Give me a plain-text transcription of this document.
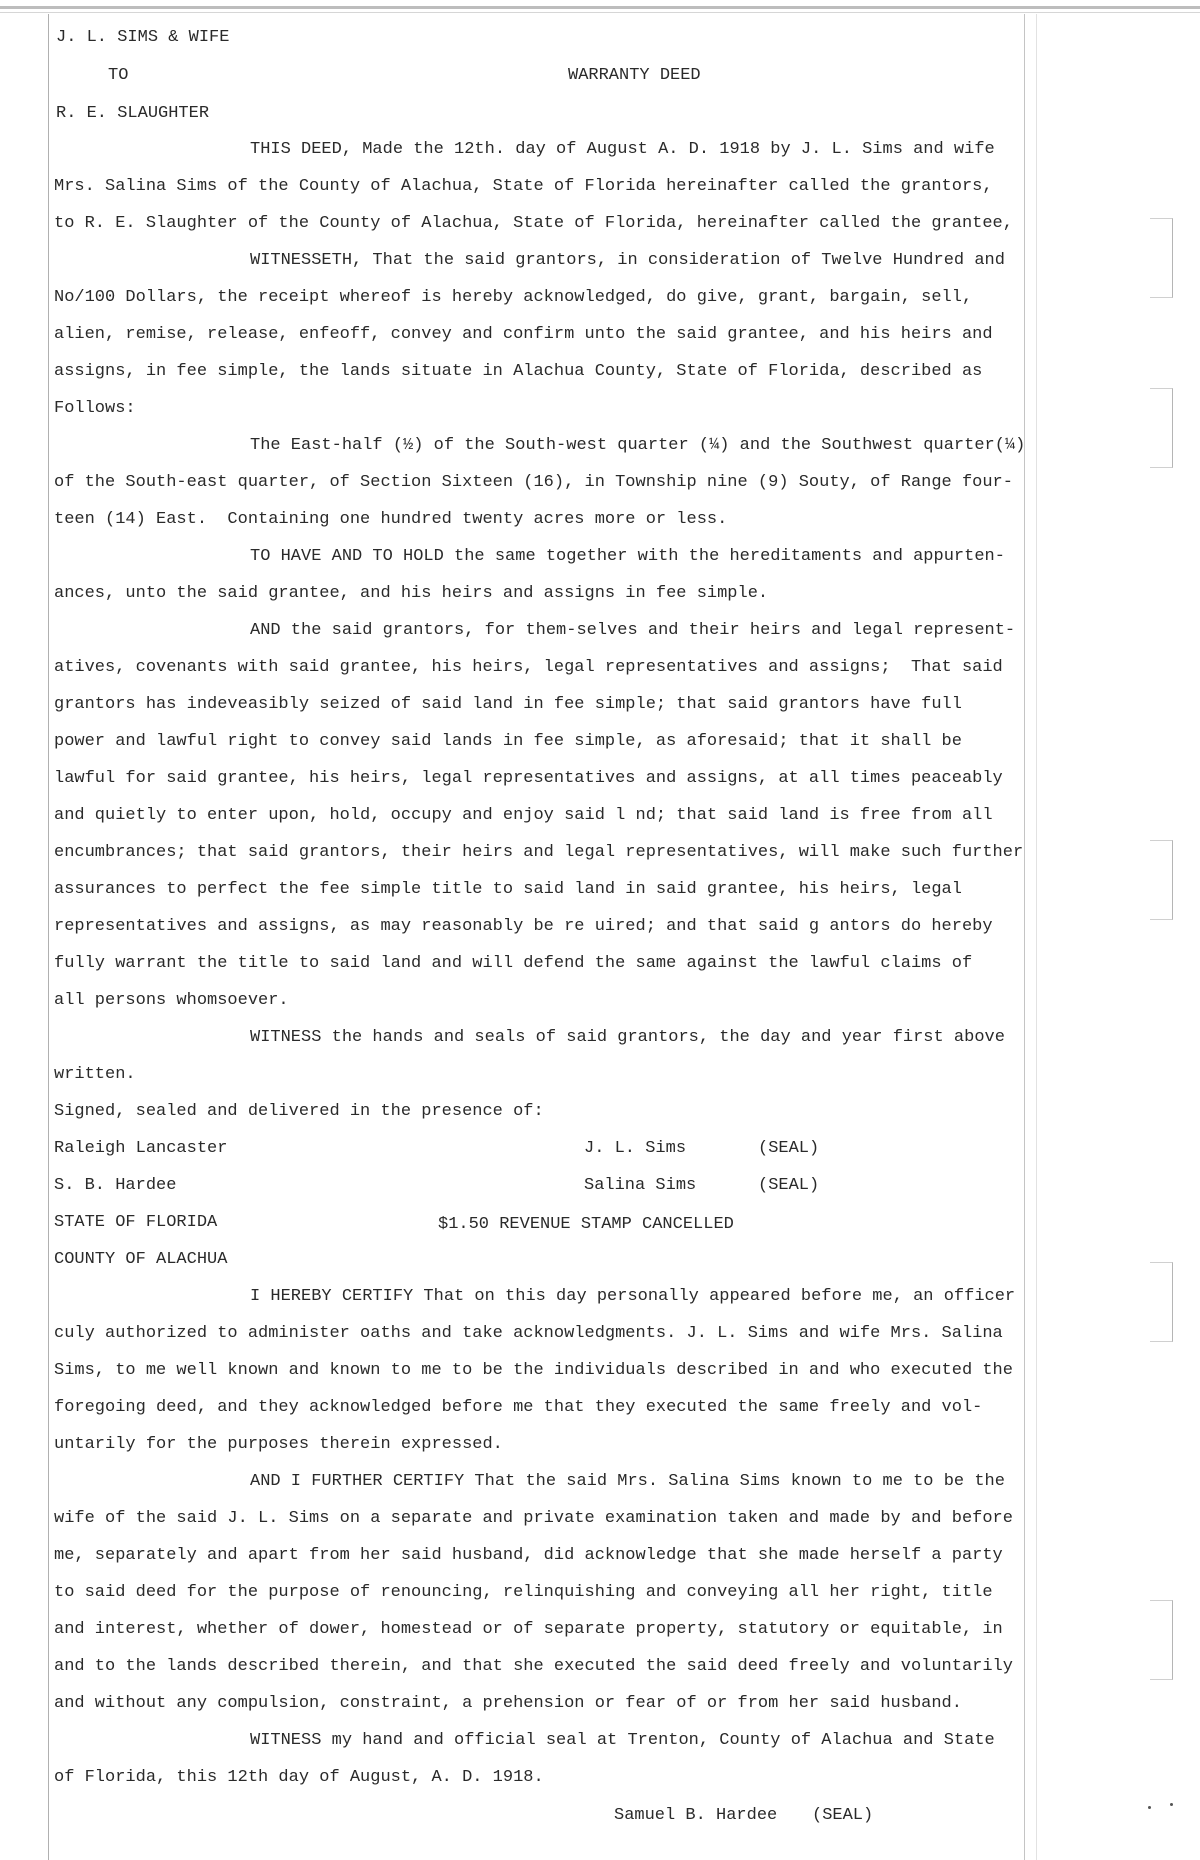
J. L. SIMS & WIFE
TO	WARRANTY DEED
R. E. SLAUGHTER
THIS DEED, Made the 12th. day of August A. D. 1918 by J. L. Sims and wife
Mrs. Salina Sims of the County of Alachua, State of Florida hereinafter called the grantors,
to R. E. Slaughter of the County of Alachua, State of Florida, hereinafter called the grantee,
WITNESSETH, That the said grantors, in consideration of Twelve Hundred and
No/100 Dollars, the receipt whereof is hereby acknowledged, do give, grant, bargain, sell,
alien, remise, release, enfeoff, convey and confirm unto the said grantee, and his heirs and
assigns, in fee simple, the lands situate in Alachua County, State of Florida, described as
Follows:
The East-half (½) of the South-west quarter (¼) and the Southwest quarter(¼)
of the South-east quarter, of Section Sixteen (16), in Township nine (9) Souty, of Range four-
teen (14) East.  Containing one hundred twenty acres more or less.
TO HAVE AND TO HOLD the same together with the hereditaments and appurten-
ances, unto the said grantee, and his heirs and assigns in fee simple.
AND the said grantors, for them-selves and their heirs and legal represent-
atives, covenants with said grantee, his heirs, legal representatives and assigns;  That said
grantors has indeveasibly seized of said land in fee simple; that said grantors have full
power and lawful right to convey said lands in fee simple, as aforesaid; that it shall be
lawful for said grantee, his heirs, legal representatives and assigns, at all times peaceably
and quietly to enter upon, hold, occupy and enjoy said l nd; that said land is free from all
encumbrances; that said grantors, their heirs and legal representatives, will make such further
assurances to perfect the fee simple title to said land in said grantee, his heirs, legal
representatives and assigns, as may reasonably be re uired; and that said g antors do hereby
fully warrant the title to said land and will defend the same against the lawful claims of
all persons whomsoever.
WITNESS the hands and seals of said grantors, the day and year first above
written.
Signed, sealed and delivered in the presence of:
Raleigh Lancaster	J. L. Sims	(SEAL)
S. B. Hardee	Salina Sims	(SEAL)
STATE OF FLORIDA	$1.50 REVENUE STAMP CANCELLED
COUNTY OF ALACHUA
I HEREBY CERTIFY That on this day personally appeared before me, an officer
culy authorized to administer oaths and take acknowledgments. J. L. Sims and wife Mrs. Salina
Sims, to me well known and known to me to be the individuals described in and who executed the
foregoing deed, and they acknowledged before me that they executed the same freely and vol-
untarily for the purposes therein expressed.
AND I FURTHER CERTIFY That the said Mrs. Salina Sims known to me to be the
wife of the said J. L. Sims on a separate and private examination taken and made by and before
me, separately and apart from her said husband, did acknowledge that she made herself a party
to said deed for the purpose of renouncing, relinquishing and conveying all her right, title
and interest, whether of dower, homestead or of separate property, statutory or equitable, in
and to the lands described therein, and that she executed the said deed freely and voluntarily
and without any compulsion, constraint, a prehension or fear of or from her said husband.
WITNESS my hand and official seal at Trenton, County of Alachua and State
of Florida, this 12th day of August, A. D. 1918.
Samuel B. Hardee (SEAL)
